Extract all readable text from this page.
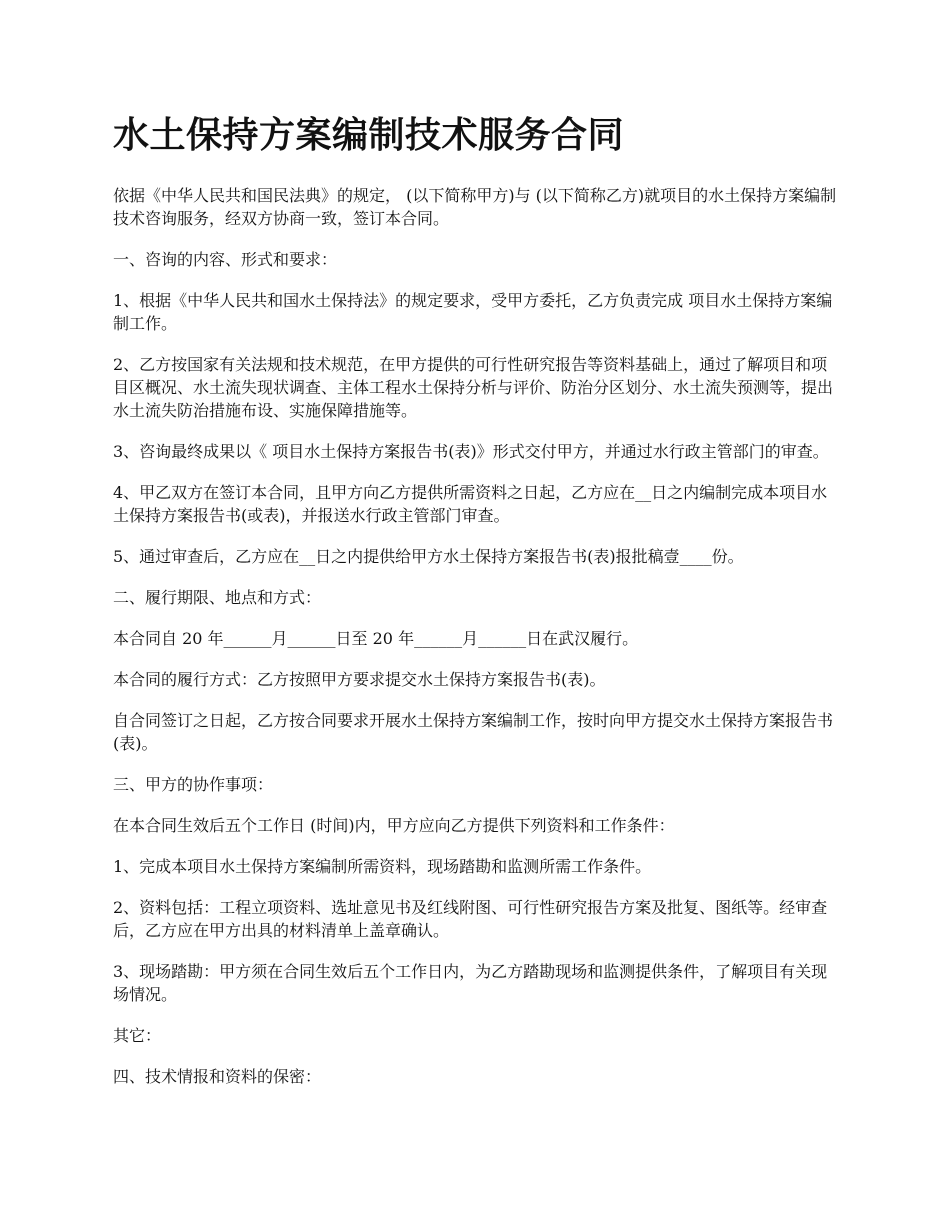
水土保持方案编制技术服务合同

依据《中华人民共和国民法典》的规定， (以下简称甲方)与 (以下简称乙方)就项目的水土保持方案编制技术咨询服务，经双方协商一致，签订本合同。

一、咨询的内容、形式和要求：

1、根据《中华人民共和国水土保持法》的规定要求，受甲方委托，乙方负责完成 项目水土保持方案编制工作。

2、乙方按国家有关法规和技术规范，在甲方提供的可行性研究报告等资料基础上，通过了解项目和项目区概况、水土流失现状调查、主体工程水土保持分析与评价、防治分区划分、水土流失预测等，提出水土流失防治措施布设、实施保障措施等。

3、咨询最终成果以《 项目水土保持方案报告书(表)》形式交付甲方，并通过水行政主管部门的审查。

4、甲乙双方在签订本合同，且甲方向乙方提供所需资料之日起，乙方应在__日之内编制完成本项目水土保持方案报告书(或表)，并报送水行政主管部门审查。

5、通过审查后，乙方应在__日之内提供给甲方水土保持方案报告书(表)报批稿壹____份。

二、履行期限、地点和方式：

本合同自 20 年______月______日至 20 年______月______日在武汉履行。

本合同的履行方式：乙方按照甲方要求提交水土保持方案报告书(表)。

自合同签订之日起，乙方按合同要求开展水土保持方案编制工作，按时向甲方提交水土保持方案报告书(表)。

三、甲方的协作事项：

在本合同生效后五个工作日 (时间)内，甲方应向乙方提供下列资料和工作条件：

1、完成本项目水土保持方案编制所需资料，现场踏勘和监测所需工作条件。

2、资料包括：工程立项资料、选址意见书及红线附图、可行性研究报告方案及批复、图纸等。经审查后，乙方应在甲方出具的材料清单上盖章确认。

3、现场踏勘：甲方须在合同生效后五个工作日内，为乙方踏勘现场和监测提供条件，了解项目有关现场情况。

其它：

四、技术情报和资料的保密：
